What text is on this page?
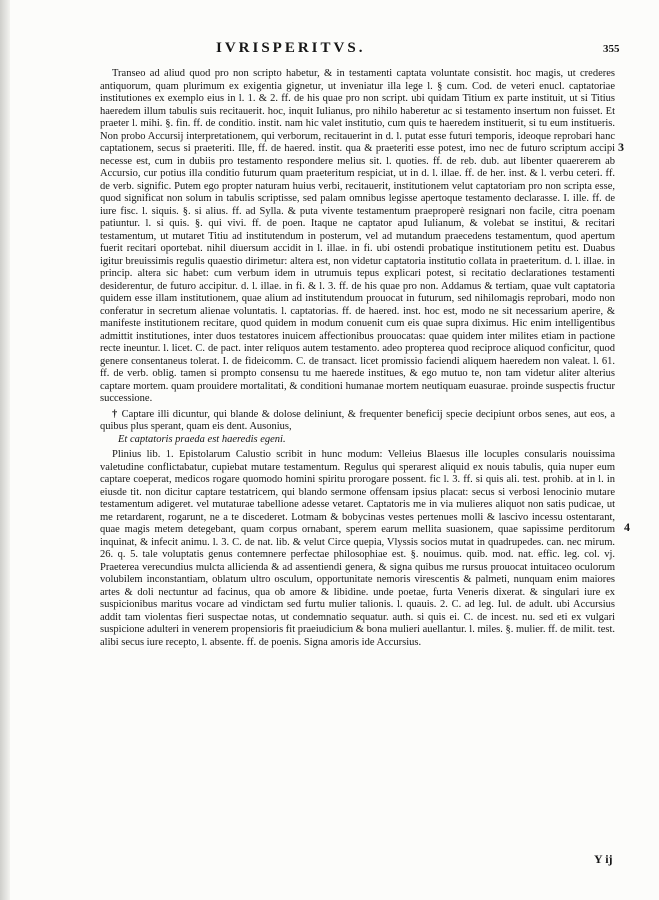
IVRISPERITVS.	355

Transeo ad aliud quod pro non scripto habetur, & in testamenti captata voluntate consistit. hoc magis, ut crederes antiquorum, quam plurimum ex exigentia gignetur, ut inveniatur illa lege l. § cum. Cod. de veteri enucl. captatoriae institutiones ex exemplo eius in l. 1. & 2. ff. de his quae pro non script. ubi quidam Titium ex parte instituit, ut si Titius haeredem illum tabulis suis recitauerit. hoc, inquit Iulianus, pro nihilo haberetur ac si testamento insertum non fuisset. Et praeter l. mihi. §. fin. ff. de conditio. instit. nam hic valet institutio, cum quis te haeredem instituerit, si tu eum institueris. Non probo Accursij interpretationem, qui verborum, recitauerint in d. l. putat esse futuri temporis, ideoque reprobari hanc captationem, secus si praeteriti. Ille, ff. de haered. instit. qua & praeteriti esse potest, imo nec de futuro scriptum accipi necesse est, cum in dubiis pro testamento respondere melius sit. l. quoties. ff. de reb. dub. aut libenter quaererem ab Accursio, cur potius illa conditio futurum quam praeteritum respiciat, ut in d. l. illae. ff. de her. inst. & l. verbu ceteri. ff. de verb. signific. Putem ego propter naturam huius verbi, recitauerit, institutionem velut captatoriam pro non scripta esse, quod significat non solum in tabulis scriptisse, sed palam omnibus legisse apertoque testamento declarasse. I. ille. ff. de iure fisc. l. siquis. §. si alius. ff. ad Sylla. & puta vivente testamentum praeproperè resignari non facile, citra poenam patiuntur. l. si quis. §. qui vivi. ff. de poen. Itaque ne captator apud Iulianum, & volebat se institui, & recitari testamentum, ut mutaret Titiu ad institutendum in posterum, vel ad mutandum praecedens testamentum, quod apertum fuerit recitari oportebat. nihil diuersum accidit in l. illae. in fi. ubi ostendi probatique institutionem petitu est. Duabus igitur breuissimis regulis quaestio dirimetur: altera est, non videtur captatoria institutio collata in praeteritum. d. l. illae. in princip. altera sic habet: cum verbum idem in utrumuis tepus explicari potest, si recitatio declarationes testamenti desiderentur, de futuro accipitur. d. l. illae. in fi. & l. 3. ff. de his quae pro non. Addamus & tertiam, quae vult captatoria quidem esse illam institutionem, quae alium ad institutendum prouocat in futurum, sed nihilomagis reprobari, modo non conferatur in secretum alienae voluntatis. l. captatorias. ff. de haered. inst. hoc est, modo ne sit necessarium aperire, & manifeste institutionem recitare, quod quidem in modum conuenit cum eis quae supra diximus. Hic enim intelligentibus admittit institutiones, inter duos testatores inuicem affectionibus prouocatas: quae quidem inter milites etiam in pactione recte ineuntur. l. licet. C. de pact. inter reliquos autem testamento. adeo propterea quod reciproce aliquod conficitur, quod genere consentaneus tolerat. I. de fideicomm. C. de transact. licet promissio faciendi aliquem haeredem non valeat. l. 61. ff. de verb. oblig. tamen si prompto consensu tu me haerede institues, & ego mutuo te, non tam videtur aliter alterius captare mortem. quam prouidere mortalitati, & conditioni humanae mortem neutiquam euasurae. proinde suspectis fructur successione.

† Captare illi dicuntur, qui blande & dolose deliniunt, & frequenter beneficij specie decipiunt orbos senes, aut eos, a quibus plus sperant, quam eis dent. Ausonius,
Et captatoris praeda est haeredis egeni.

Plinius lib. 1. Epistolarum Calustio scribit in hunc modum: Velleius Blaesus ille locuples consularis nouissima valetudine conflictabatur, cupiebat mutare testamentum. Regulus qui sperarest aliquid ex nouis tabulis, quia nuper eum captare coeperat, medicos rogare quomodo homini spiritu prorogare possent. fic l. 3. ff. si quis ali. test. prohib. at in l. in eiusde tit. non dicitur captare testatricem, qui blando sermone offensam ipsius placat: secus si verbosi lenocinio mutare testamentum adigeret. vel mutaturae tabellione adesse vetaret. Captatoris me in via mulieres aliquot non satis pudicae, ut me retardarent, rogarunt, ne a te discederet. Lotmam & bobycinas vestes pertenues molli & lascivo incessu ostentarant, quae magis metem detegebant, quam corpus ornabant, sperem earum mellita suasionem, quae sapissime perditorum inquinat, & infecit animu. l. 3. C. de nat. lib. & velut Circe quepia, Vlyssis socios mutat in quadrupedes. can. nec mirum. 26. q. 5. tale voluptatis genus contemnere perfectae philosophiae est. §. nouimus. quib. mod. nat. effic. leg. col. vj. Praeterea verecundius mulcta allicienda & ad assentiendi genera, & signa quibus me rursus prouocat intuitaceo oculorum volubilem inconstantiam, oblatum ultro osculum, opportunitate nemoris virescentis & palmeti, nunquam enim maiores artes & doli nectuntur ad facinus, qua ob amore & libidine. unde poetae, furta Veneris dixerat. & singulari iure ex suspicionibus maritus vocare ad vindictam sed furtu mulier talionis. l. quauis. 2. C. ad leg. Iul. de adult. ubi Accursius addit tam violentas fieri suspectae notas, ut condemnatio sequatur. auth. si quis ei. C. de incest. nu. sed eti ex vulgari suspicione adulteri in venerem propensioris fit praeiudicium & bona mulieri auellantur. l. miles. §. mulier. ff. de milit. test. alibi secus iure recepto, l. absente. ff. de poenis. Signa amoris ide Accursius.

3
4
Y ij
